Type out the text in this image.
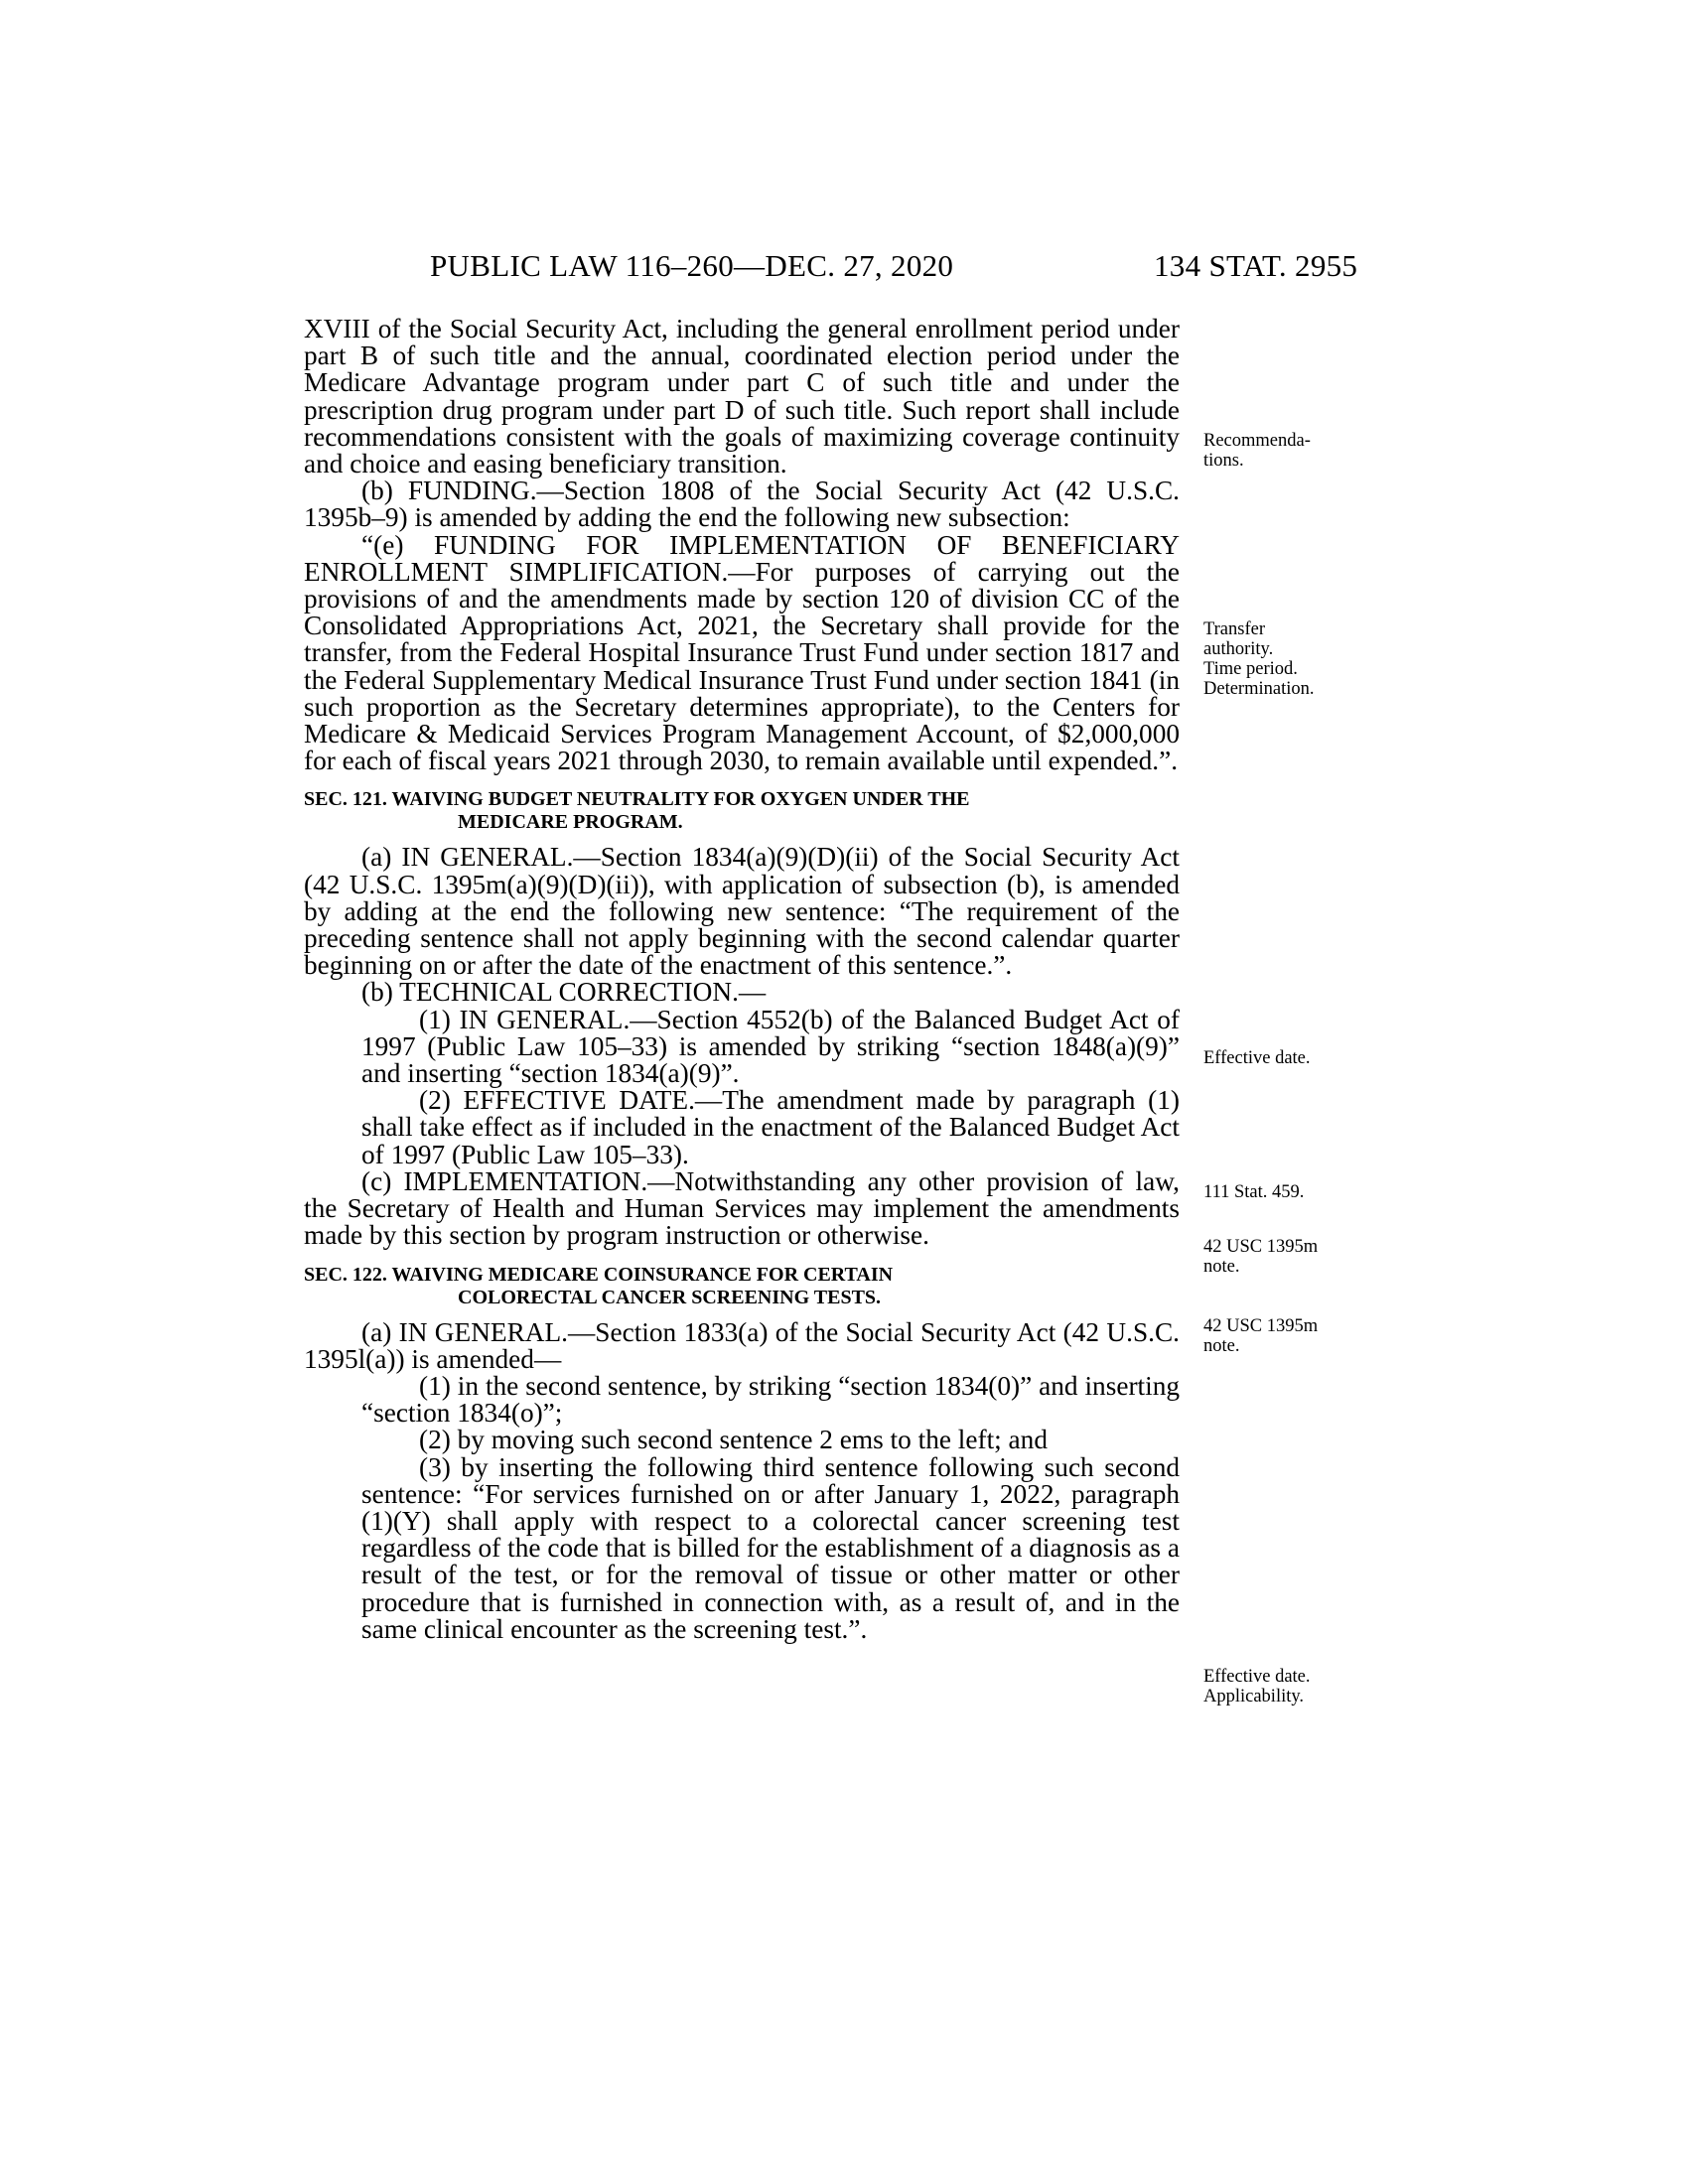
PUBLIC LAW 116–260—DEC. 27, 2020	134 STAT. 2955

XVIII of the Social Security Act, including the general enrollment period under part B of such title and the annual, coordinated election period under the Medicare Advantage program under part C of such title and under the prescription drug program under part D of such title. Such report shall include recommendations consistent with the goals of maximizing coverage continuity and choice and easing beneficiary transition.

(b) FUNDING.—Section 1808 of the Social Security Act (42 U.S.C. 1395b–9) is amended by adding the end the following new subsection:

“(e) FUNDING FOR IMPLEMENTATION OF BENEFICIARY ENROLLMENT SIMPLIFICATION.—For purposes of carrying out the provisions of and the amendments made by section 120 of division CC of the Consolidated Appropriations Act, 2021, the Secretary shall provide for the transfer, from the Federal Hospital Insurance Trust Fund under section 1817 and the Federal Supplementary Medical Insurance Trust Fund under section 1841 (in such proportion as the Secretary determines appropriate), to the Centers for Medicare & Medicaid Services Program Management Account, of $2,000,000 for each of fiscal years 2021 through 2030, to remain available until expended.”.

SEC. 121. WAIVING BUDGET NEUTRALITY FOR OXYGEN UNDER THE
MEDICARE PROGRAM.

(a) IN GENERAL.—Section 1834(a)(9)(D)(ii) of the Social Security Act (42 U.S.C. 1395m(a)(9)(D)(ii)), with application of subsection (b), is amended by adding at the end the following new sentence: “The requirement of the preceding sentence shall not apply beginning with the second calendar quarter beginning on or after the date of the enactment of this sentence.”.

(b) TECHNICAL CORRECTION.—

(1) IN GENERAL.—Section 4552(b) of the Balanced Budget Act of 1997 (Public Law 105–33) is amended by striking “section 1848(a)(9)” and inserting “section 1834(a)(9)”.

(2) EFFECTIVE DATE.—The amendment made by paragraph (1) shall take effect as if included in the enactment of the Balanced Budget Act of 1997 (Public Law 105–33).

(c) IMPLEMENTATION.—Notwithstanding any other provision of law, the Secretary of Health and Human Services may implement the amendments made by this section by program instruction or otherwise.

SEC. 122. WAIVING MEDICARE COINSURANCE FOR CERTAIN
COLORECTAL CANCER SCREENING TESTS.

(a) IN GENERAL.—Section 1833(a) of the Social Security Act (42 U.S.C. 1395l(a)) is amended—

(1) in the second sentence, by striking “section 1834(0)” and inserting “section 1834(o)”;

(2) by moving such second sentence 2 ems to the left; and

(3) by inserting the following third sentence following such second sentence: “For services furnished on or after January 1, 2022, paragraph (1)(Y) shall apply with respect to a colorectal cancer screening test regardless of the code that is billed for the establishment of a diagnosis as a result of the test, or for the removal of tissue or other matter or other procedure that is furnished in connection with, as a result of, and in the same clinical encounter as the screening test.”.

Recommenda-
tions.
Transfer
authority.
Time period.
Determination.
Effective date.
111 Stat. 459.
42 USC 1395m
note.
42 USC 1395m
note.
Effective date.
Applicability.
